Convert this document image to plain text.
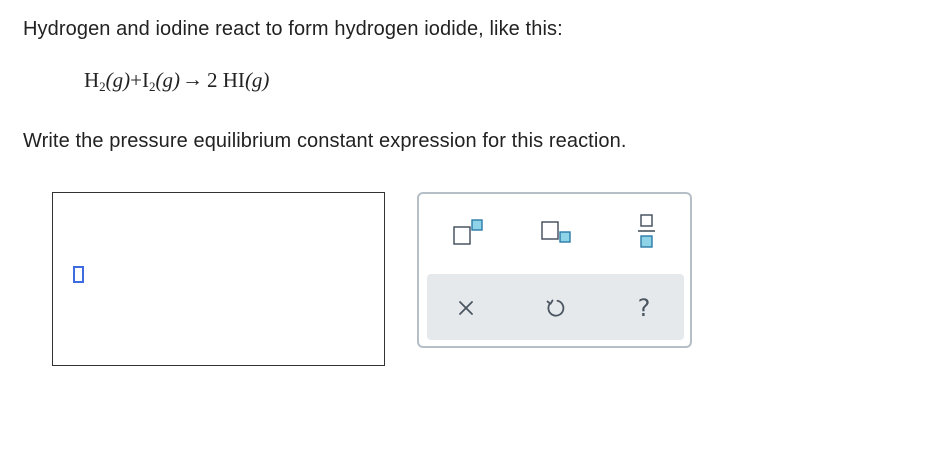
Hydrogen and iodine react to form hydrogen iodide, like this:
$H_2(g)+I_2(g)\to 2$ HI(g)
Write the pressure equilibrium constant expression for this reaction.
?
